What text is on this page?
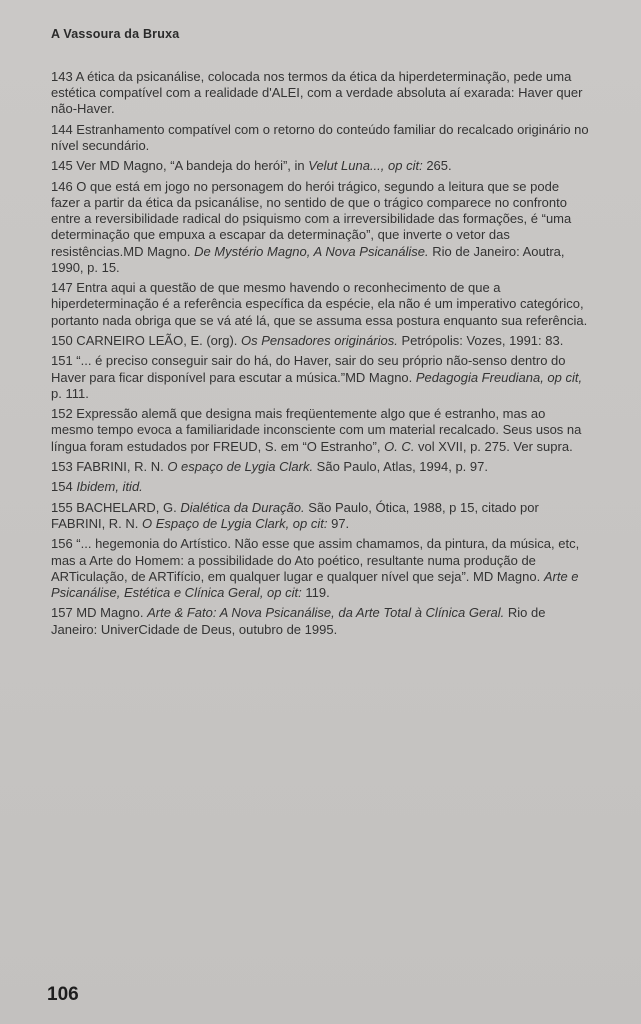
A Vassoura da Bruxa

143 A ética da psicanálise, colocada nos termos da ética da hiperdeterminação, pede uma estética compatível com a realidade d'ALEI, com a verdade absoluta aí exarada: Haver quer não-Haver.

144 Estranhamento compatível com o retorno do conteúdo familiar do recalcado originário no nível secundário.

145 Ver MD Magno, “A bandeja do herói”, in Velut Luna..., op cit: 265.

146 O que está em jogo no personagem do herói trágico, segundo a leitura que se pode fazer a partir da ética da psicanálise, no sentido de que o trágico comparece no confronto entre a reversibilidade radical do psiquismo com a irreversibilidade das formações, é “uma determinação que empuxa a escapar da determinação”, que inverte o vetor das resistências.MD Magno. De Mystério Magno, A Nova Psicanálise. Rio de Janeiro: Aoutra, 1990, p. 15.

147 Entra aqui a questão de que mesmo havendo o reconhecimento de que a hiperdeterminação é a referência específica da espécie, ela não é um imperativo categórico, portanto nada obriga que se vá até lá, que se assuma essa postura enquanto sua referência.

150 CARNEIRO LEÃO, E. (org). Os Pensadores originários. Petrópolis: Vozes, 1991: 83.

151 “... é preciso conseguir sair do há, do Haver, sair do seu próprio não-senso dentro do Haver para ficar disponível para escutar a música.”MD Magno. Pedagogia Freudiana, op cit, p. 111.

152 Expressão alemã que designa mais freqüentemente algo que é estranho, mas ao mesmo tempo evoca a familiaridade inconsciente com um material recalcado. Seus usos na língua foram estudados por FREUD, S. em “O Estranho”, O. C. vol XVII, p. 275. Ver supra.

153 FABRINI, R. N. O espaço de Lygia Clark. São Paulo, Atlas, 1994, p. 97.

154 Ibidem, itid.

155 BACHELARD, G. Dialética da Duração. São Paulo, Ótica, 1988, p 15, citado por FABRINI, R. N. O Espaço de Lygia Clark, op cit: 97.

156 “... hegemonia do Artístico. Não esse que assim chamamos, da pintura, da música, etc, mas a Arte do Homem: a possibilidade do Ato poético, resultante numa produção de ARTiculação, de ARTifício, em qualquer lugar e qualquer nível que seja”. MD Magno. Arte e Psicanálise, Estética e Clínica Geral, op cit: 119.

157 MD Magno. Arte & Fato: A Nova Psicanálise, da Arte Total à Clínica Geral. Rio de Janeiro: UniverCidade de Deus, outubro de 1995.

106
